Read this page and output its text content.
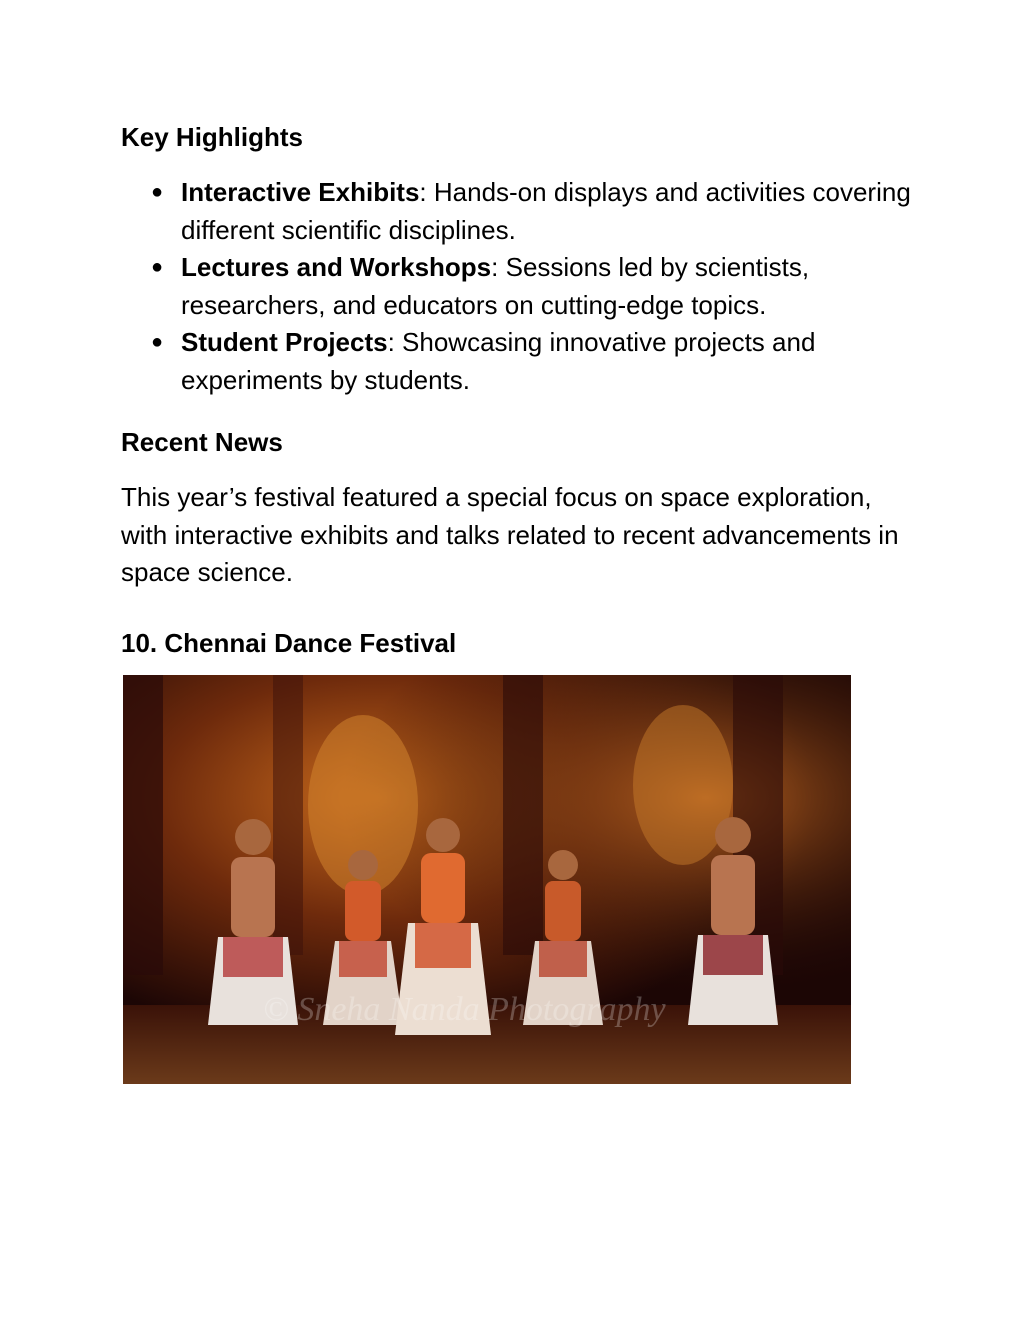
Key Highlights
● Interactive Exhibits: Hands-on displays and activities covering different scientific disciplines.
● Lectures and Workshops: Sessions led by scientists, researchers, and educators on cutting-edge topics.
● Student Projects: Showcasing innovative projects and experiments by students.
Recent News

This year’s festival featured a special focus on space exploration, with interactive exhibits and talks related to recent advancements in space science.

10. Chennai Dance Festival
© Sneha Nanda Photography
